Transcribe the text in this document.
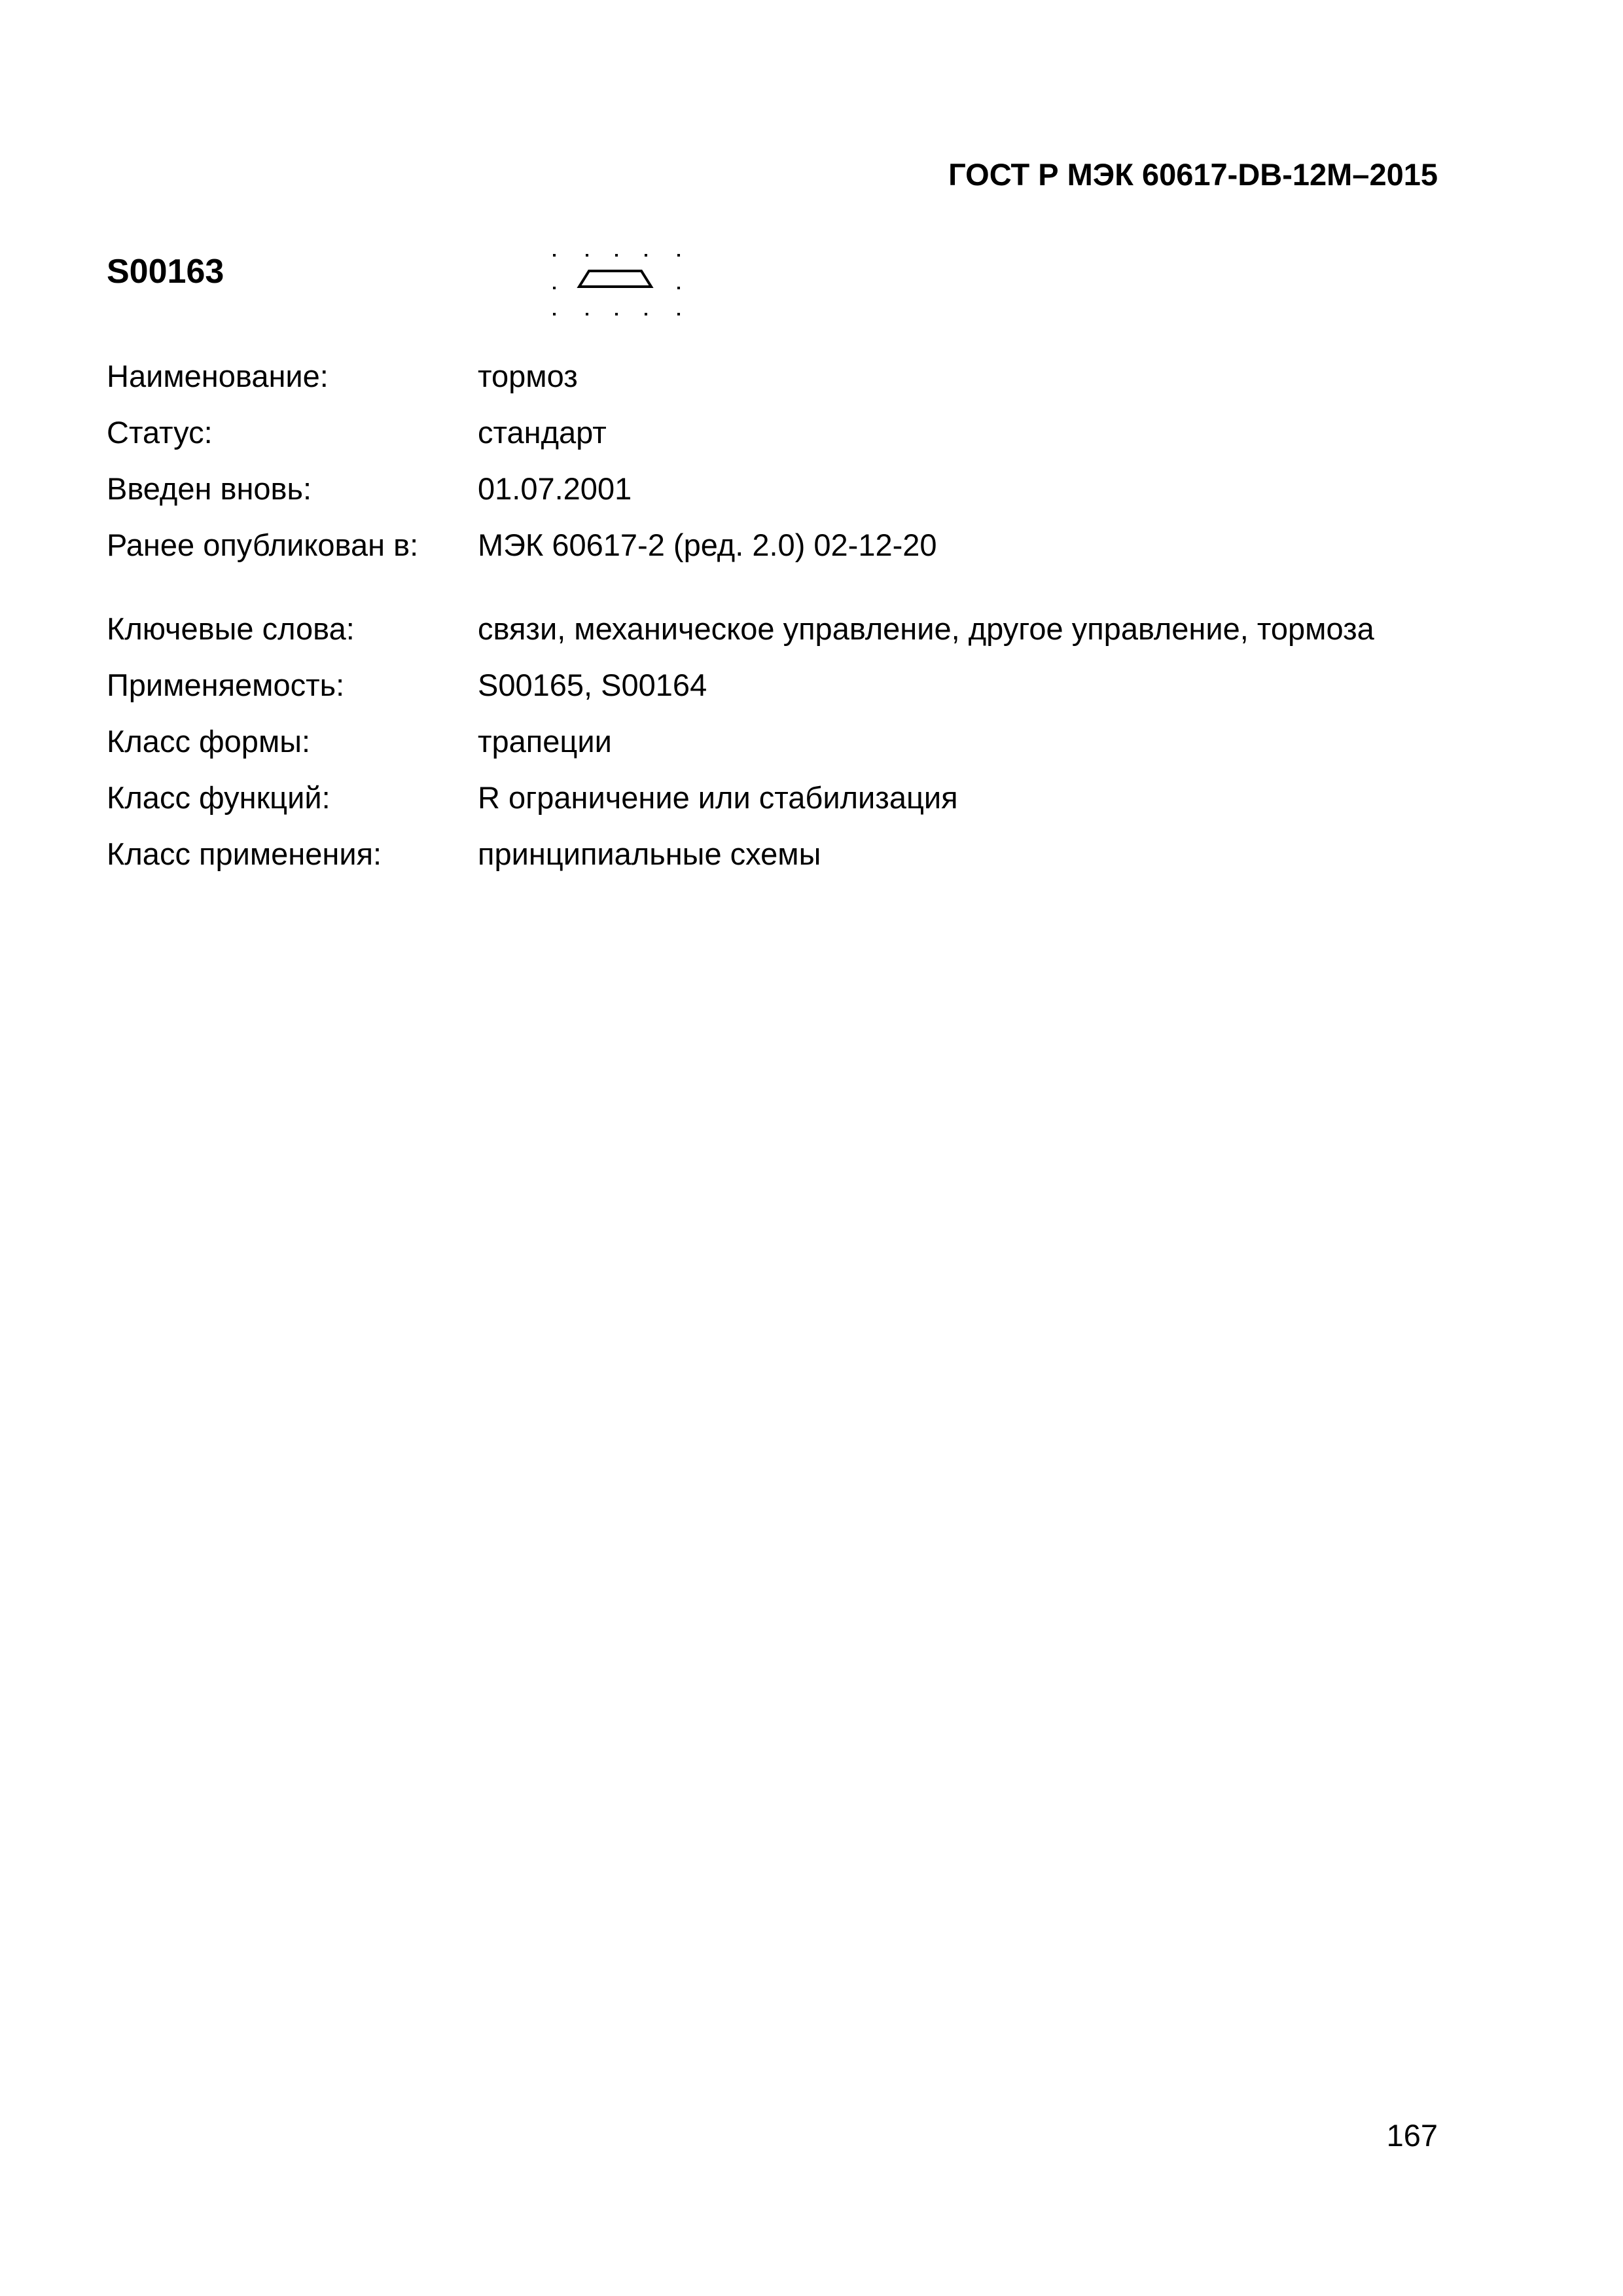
ГОСТ Р МЭК 60617-DB-12M–2015
S00163
Наименование:	тормоз
Статус:	стандарт
Введен вновь:	01.07.2001
Ранее опубликован в:	МЭК 60617-2 (ред. 2.0) 02-12-20
Ключевые слова:	связи, механическое управление, другое управление, тормоза
Применяемость:	S00165, S00164
Класс формы:	трапеции
Класс функций:	R ограничение или стабилизация
Класс применения:	принципиальные схемы
167
